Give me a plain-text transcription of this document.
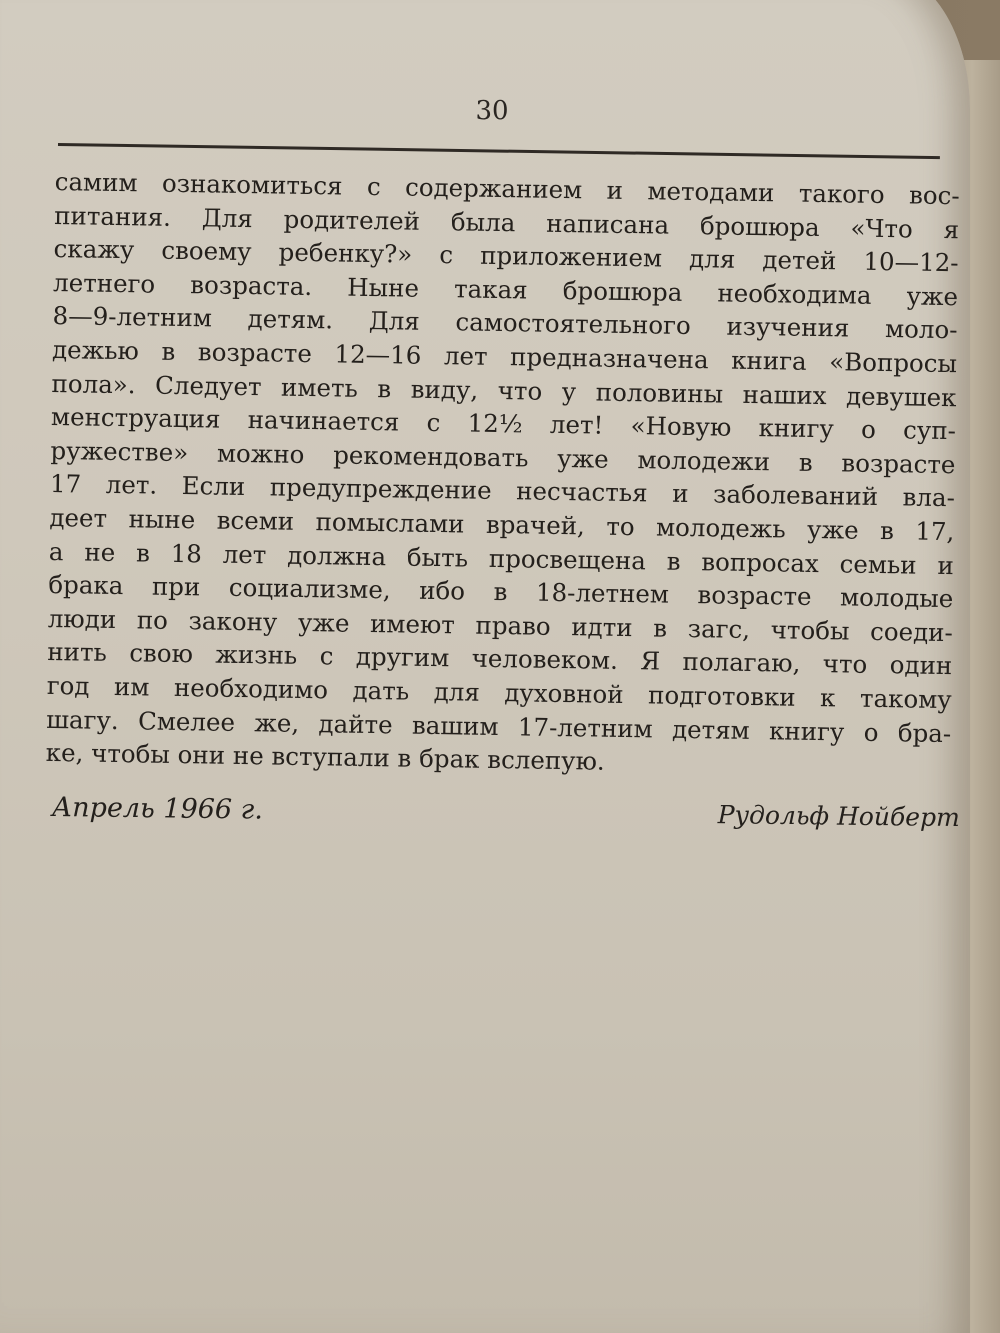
30
самим ознакомиться с содержанием и методами такого вос-
питания. Для родителей была написана брошюра «Что я
скажу своему ребенку?» с приложением для детей 10—12-
летнего возраста. Ныне такая брошюра необходима уже
8—9-летним детям. Для самостоятельного изучения моло-
дежью в возрасте 12—16 лет предназначена книга «Вопросы
пола». Следует иметь в виду, что у половины наших девушек
менструация начинается с 12½ лет! «Новую книгу о суп-
ружестве» можно рекомендовать уже молодежи в возрасте
17 лет. Если предупреждение несчастья и заболеваний вла-
деет ныне всеми помыслами врачей, то молодежь уже в 17,
а не в 18 лет должна быть просвещена в вопросах семьи и
брака при социализме, ибо в 18-летнем возрасте молодые
люди по закону уже имеют право идти в загс, чтобы соеди-
нить свою жизнь с другим человеком. Я полагаю, что один
год им необходимо дать для духовной подготовки к такому
шагу. Смелее же, дайте вашим 17-летним детям книгу о бра-
ке, чтобы они не вступали в брак вслепую.
Апрель 1966 г.	Рудольф Нойберт
